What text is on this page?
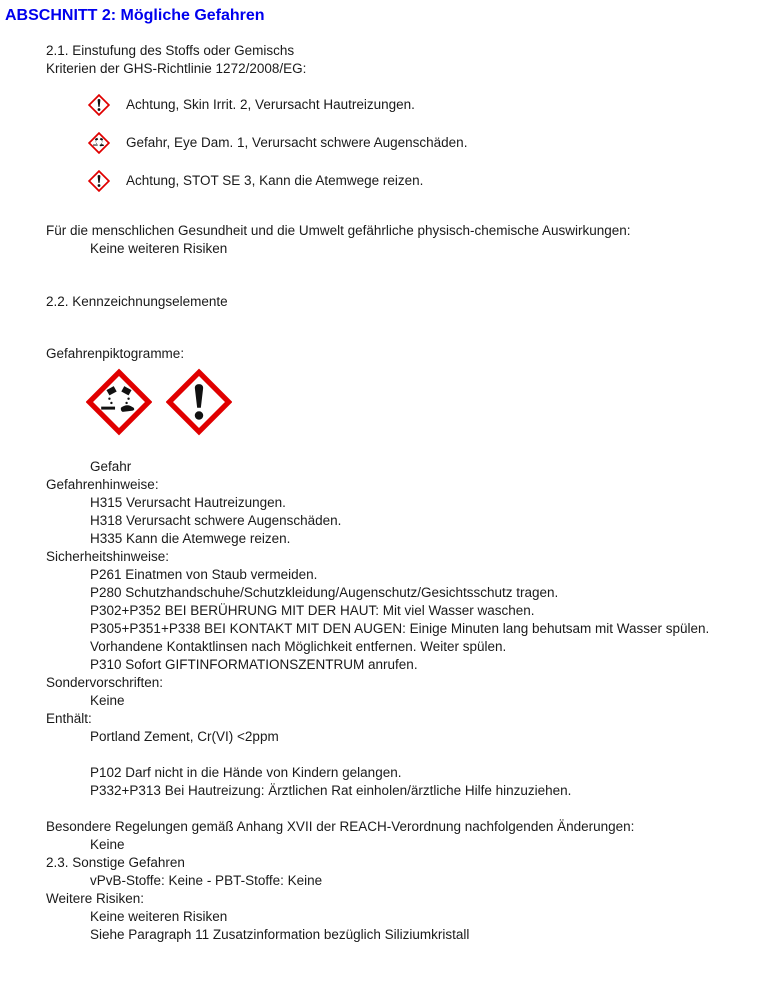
ABSCHNITT 2: Mögliche Gefahren
2.1. Einstufung des Stoffs oder Gemischs
Kriterien der GHS-Richtlinie 1272/2008/EG:
Achtung, Skin Irrit. 2, Verursacht Hautreizungen.
Gefahr, Eye Dam. 1, Verursacht schwere Augenschäden.
Achtung, STOT SE 3, Kann die Atemwege reizen.
Für die menschlichen Gesundheit und die Umwelt gefährliche physisch-chemische Auswirkungen:
Keine weiteren Risiken
2.2. Kennzeichnungselemente
Gefahrenpiktogramme:
Gefahr
Gefahrenhinweise:
H315 Verursacht Hautreizungen.
H318 Verursacht schwere Augenschäden.
H335 Kann die Atemwege reizen.
Sicherheitshinweise:
P261 Einatmen von Staub vermeiden.
P280 Schutzhandschuhe/Schutzkleidung/Augenschutz/Gesichtsschutz tragen.
P302+P352 BEI BERÜHRUNG MIT DER HAUT: Mit viel Wasser waschen.
P305+P351+P338 BEI KONTAKT MIT DEN AUGEN: Einige Minuten lang behutsam mit Wasser spülen. Vorhandene Kontaktlinsen nach Möglichkeit entfernen. Weiter spülen.
P310 Sofort GIFTINFORMATIONSZENTRUM anrufen.
Sondervorschriften:
Keine
Enthält:
Portland Zement, Cr(VI) <2ppm
P102 Darf nicht in die Hände von Kindern gelangen.
P332+P313 Bei Hautreizung: Ärztlichen Rat einholen/ärztliche Hilfe hinzuziehen.
Besondere Regelungen gemäß Anhang XVII der REACH-Verordnung nachfolgenden Änderungen:
Keine
2.3. Sonstige Gefahren
vPvB-Stoffe: Keine - PBT-Stoffe: Keine
Weitere Risiken:
Keine weiteren Risiken
Siehe Paragraph 11 Zusatzinformation bezüglich Siliziumkristall
